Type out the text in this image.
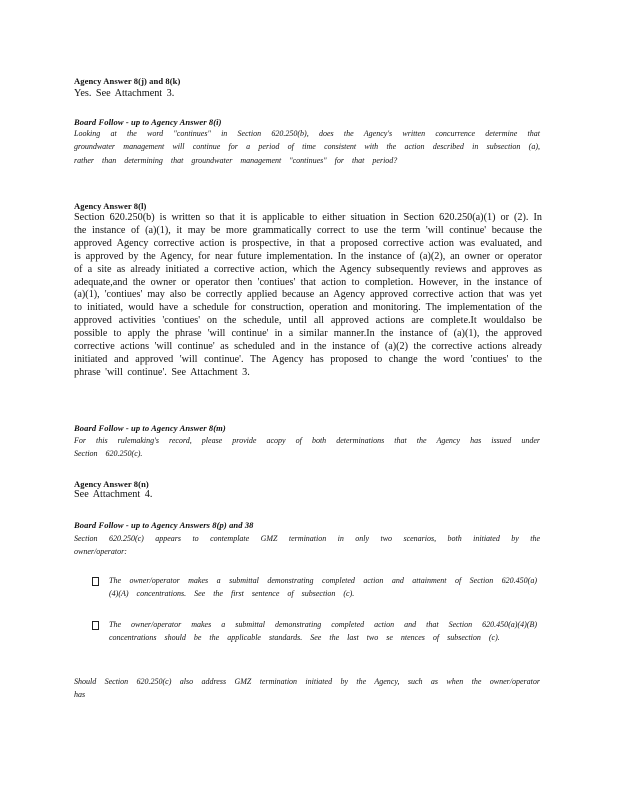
Agency Answer 8(j) and 8(k)
Yes. See Attachment 3.
Board Follow - up to Agency Answer 8(i)
Looking at the word "continues" in Section 620.250(b), does the Agency's written concurrence determine that groundwater management will continue for a period of time consistent with the action described in subsection (a), rather than determining that groundwater management "continues" for that period?
Agency Answer 8(l)
Section 620.250(b) is written so that it is applicable to either situation in Section 620.250(a)(1) or (2). In the instance of (a)(1), it may be more grammatically correct to use the term 'will continue' because the approved Agency corrective action is prospective, in that a proposed corrective action was evaluated, and is approved by the Agency, for near future implementation. In the instance of (a)(2), an owner or operator of a site as already initiated a corrective action, which the Agency subsequently reviews and approves as adequate,and the owner or operator then 'contiues' that action to completion. However, in the instance of (a)(1), 'contiues' may also be correctly applied because an Agency approved corrective action that was yet to initiated, would have a schedule for construction, operation and monitoring. The implementation of the approved activities 'contiues' on the schedule, until all approved actions are complete.It wouldalso be possible to apply the phrase 'will continue' in a similar manner.In the instance of (a)(1), the approved corrective actions 'will continue' as scheduled and in the instance of (a)(2) the corrective actions already initiated and approved 'will continue'. The Agency has proposed to change the word 'contiues' to the phrase 'will continue'. See Attachment 3.
Board Follow - up to Agency Answer 8(m)
For this rulemaking's record, please provide acopy of both determinations that the Agency has issued under Section 620.250(c).
Agency Answer 8(n)
See Attachment 4.
Board Follow - up to Agency Answers 8(p) and 38
Section 620.250(c) appears to contemplate GMZ termination in only two scenarios, both initiated by the owner/operator:
The owner/operator makes a submittal demonstrating completed action and attainment of Section 620.450(a)(4)(A) concentrations. See the first sentence of subsection (c).
The owner/operator makes a submittal demonstrating completed action and that Section 620.450(a)(4)(B) concentrations should be the applicable standards. See the last two se ntences of subsection (c).
Should Section 620.250(c) also address GMZ termination initiated by the Agency, such as when the owner/operator has
